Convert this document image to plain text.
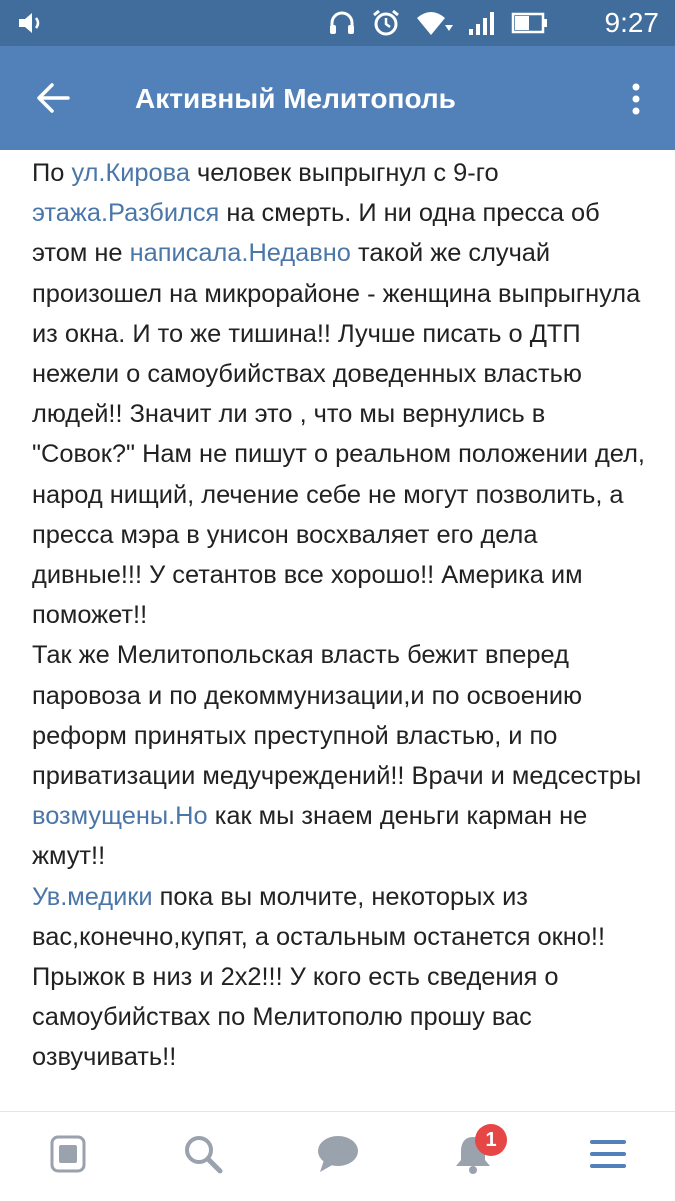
9:27
Активный Мелитополь

По ул.Кирова человек выпрыгнул с 9-го этажа.Разбился на смерть. И ни одна пресса об этом не написала.Недавно такой же случай произошел на микрорайоне - женщина выпрыгнула из окна. И то же тишина!! Лучше писать о ДТП нежели о самоубийствах доведенных властью людей!! Значит ли это , что мы вернулись в "Совок?" Нам не пишут о реальном положении дел, народ нищий, лечение себе не могут позволить, а пресса мэра в унисон восхваляет его дела дивные!!! У сетантов все хорошо!! Америка им поможет!!

Так же Мелитопольская власть бежит вперед паровоза и по декоммунизации,и по освоению реформ принятых преступной властью, и по приватизации медучреждений!! Врачи и медсестры возмущены.Но как мы знаем деньги карман не жмут!!

Ув.медики пока вы молчите, некоторых из вас,конечно,купят, а остальным останется окно!! Прыжок в низ и 2х2!!! У кого есть сведения о самоубийствах по Мелитополю прошу вас озвучивать!!

1
